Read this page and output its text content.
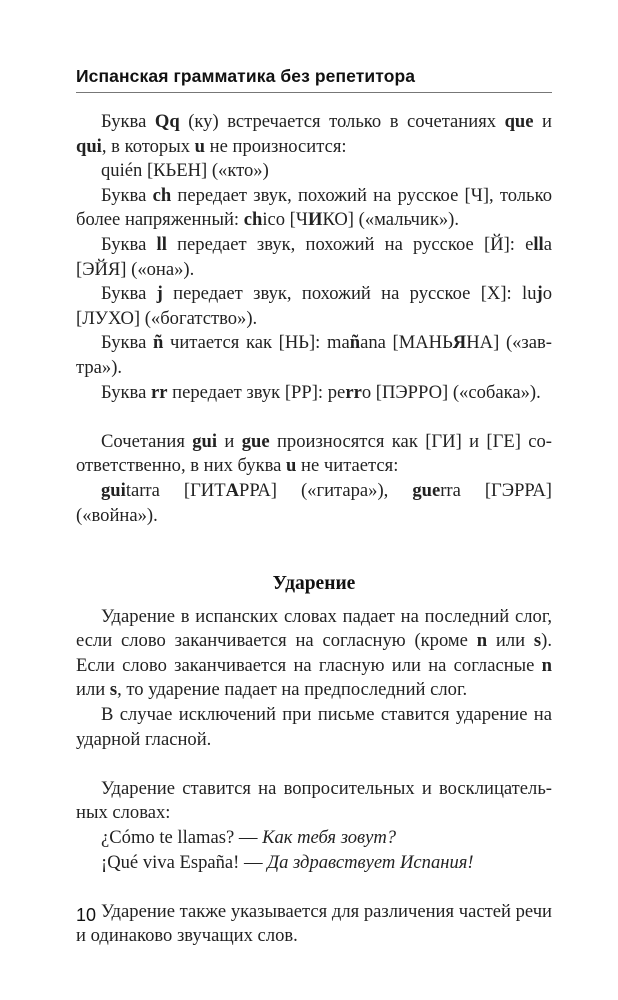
Испанская грамматика без репетитора

Буква Qq (ку) встречается только в сочетаниях que и qui, в которых u не произносится:

quién [КЬЕН] («кто»)

Буква ch передает звук, похожий на русское [Ч], только более напряженный: chico [ЧИКО] («мальчик»).

Буква ll передает звук, похожий на русское [Й]: ella [ЭЙЯ] («она»).

Буква j передает звук, похожий на русское [Х]: lujo [ЛУХО] («богатство»).

Буква ñ читается как [НЬ]: mañana [МАНЬЯНА] («зав-тра»).

Буква rr передает звук [РР]: perro [ПЭРРО] («собака»).

Сочетания gui и gue произносятся как [ГИ] и [ГЕ] со-ответственно, в них буква u не читается:

guitarra [ГИТАРРА] («гитара»), guerra [ГЭРРА] («война»).

Ударение

Ударение в испанских словах падает на последний слог, если слово заканчивается на согласную (кроме n или s). Если слово заканчивается на гласную или на согласные n или s, то ударение падает на предпоследний слог.

В случае исключений при письме ставится ударение на ударной гласной.

Ударение ставится на вопросительных и восклицатель-ных словах:

¿Cómo te llamas? — Как тебя зовут?

¡Qué viva España! — Да здравствует Испания!

Ударение также указывается для различения частей речи и одинаково звучащих слов.

10
